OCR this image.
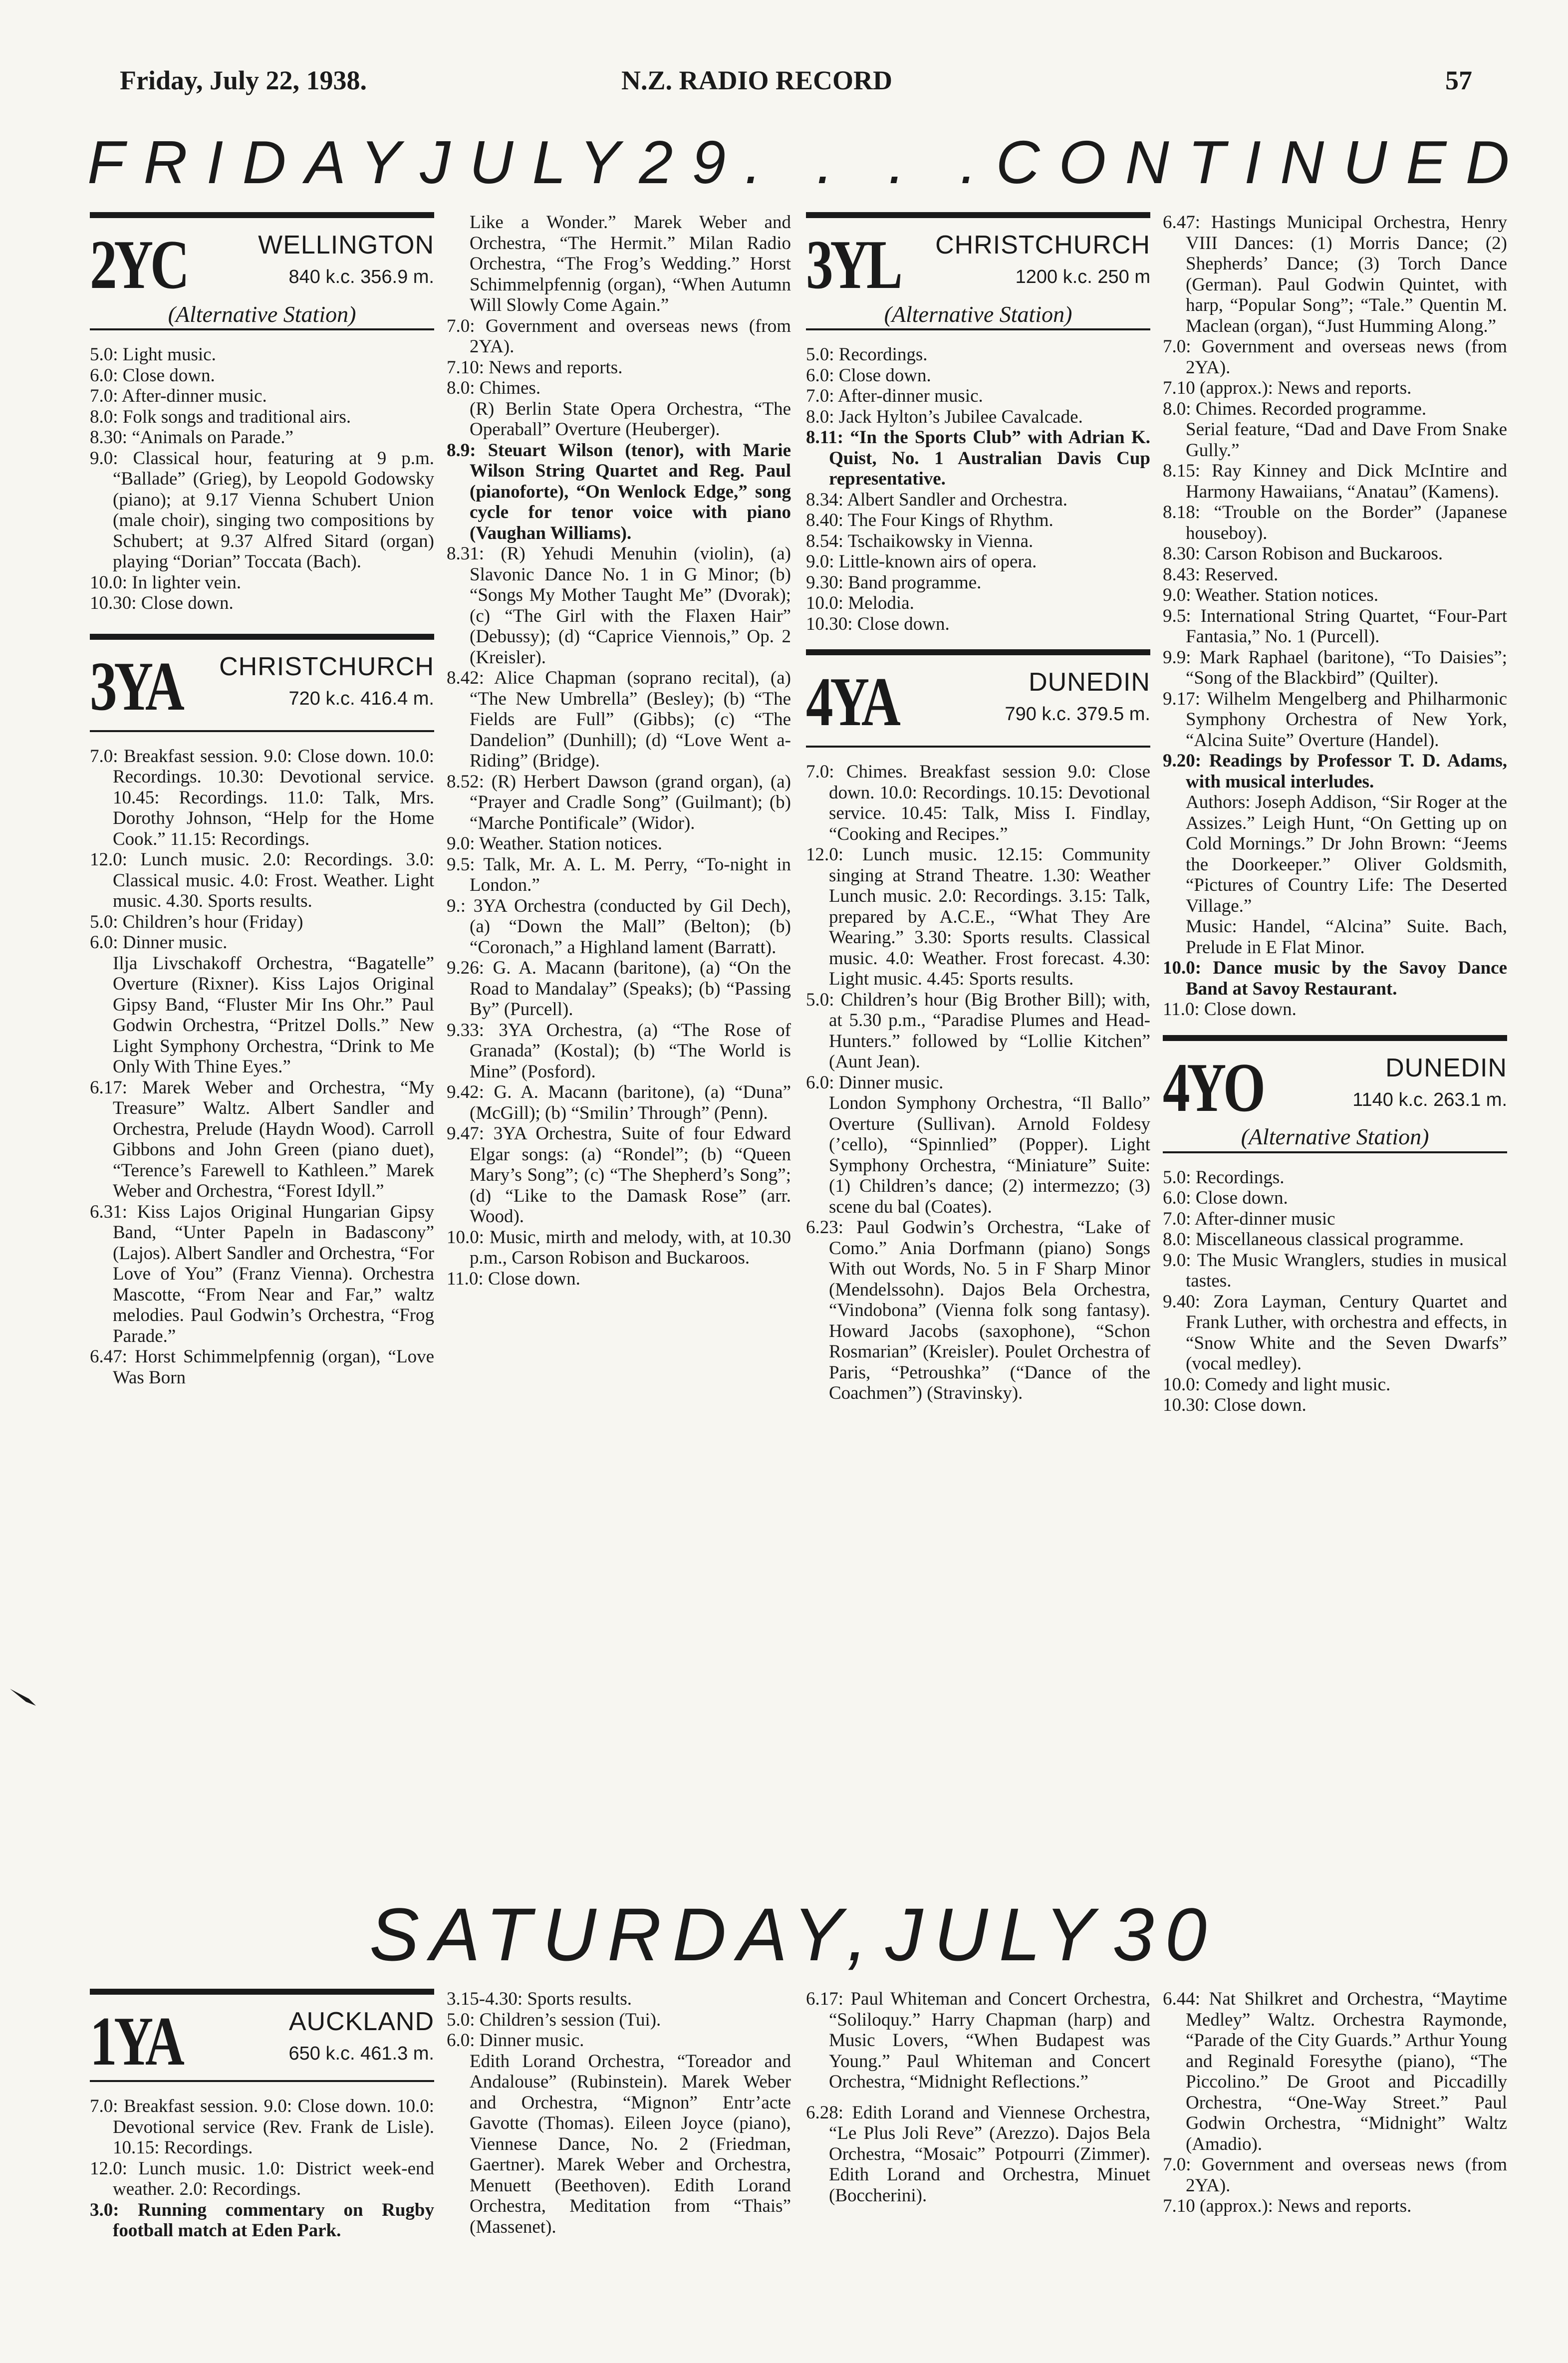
Friday, July 22, 1938.	N.Z. RADIO RECORD	57
FRIDAY JULY 29 . . . . CONTINUED
2YC	WELLINGTON
840 k.c. 356.9 m.
(Alternative Station)

5.0: Light music.

6.0: Close down.

7.0: After-dinner music.

8.0: Folk songs and traditional airs.

8.30: “Animals on Parade.”

9.0: Classical hour, featuring at 9 p.m. “Ballade” (Grieg), by Leopold Godowsky (piano); at 9.17 Vienna Schubert Union (male choir), singing two compositions by Schubert; at 9.37 Alfred Sitard (organ) playing “Dorian” Toccata (Bach).

10.0: In lighter vein.

10.30: Close down.

3YA CHRISTCHURCH
720 k.c. 416.4 m.

7.0: Breakfast session. 9.0: Close down. 10.0: Recordings. 10.30: Devotional service. 10.45: Recordings. 11.0: Talk, Mrs. Dorothy Johnson, “Help for the Home Cook.” 11.15: Recordings.

12.0: Lunch music. 2.0: Recordings. 3.0: Classical music. 4.0: Frost. Weather. Light music. 4.30. Sports results.

5.0: Children’s hour (Friday)

6.0: Dinner music.

Ilja Livschakoff Orchestra, “Bagatelle” Overture (Rixner). Kiss Lajos Original Gipsy Band, “Fluster Mir Ins Ohr.” Paul Godwin Orchestra, “Pritzel Dolls.” New Light Symphony Orchestra, “Drink to Me Only With Thine Eyes.”

6.17: Marek Weber and Orchestra, “My Treasure” Waltz. Albert Sandler and Orchestra, Prelude (Haydn Wood). Carroll Gibbons and John Green (piano duet), “Terence’s Farewell to Kathleen.” Marek Weber and Orchestra, “Forest Idyll.”

6.31: Kiss Lajos Original Hungarian Gipsy Band, “Unter Papeln in Badascony” (Lajos). Albert Sandler and Orchestra, “For Love of You” (Franz Vienna). Orchestra Mascotte, “From Near and Far,” waltz melodies. Paul Godwin’s Orchestra, “Frog Parade.”

6.47: Horst Schimmelpfennig (organ), “Love Was Born

Like a Wonder.” Marek Weber and Orchestra, “The Hermit.” Milan Radio Orchestra, “The Frog’s Wedding.” Horst Schimmelpfennig (organ), “When Autumn Will Slowly Come Again.”

7.0: Government and overseas news (from 2YA).

7.10: News and reports.

8.0: Chimes.

(R) Berlin State Opera Orchestra, “The Operaball” Overture (Heuberger).

8.9: Steuart Wilson (tenor), with Marie Wilson String Quartet and Reg. Paul (pianoforte), “On Wenlock Edge,” song cycle for tenor voice with piano (Vaughan Williams).

8.31: (R) Yehudi Menuhin (violin), (a) Slavonic Dance No. 1 in G Minor; (b) “Songs My Mother Taught Me” (Dvorak); (c) “The Girl with the Flaxen Hair” (Debussy); (d) “Caprice Viennois,” Op. 2 (Kreisler).

8.42: Alice Chapman (soprano recital), (a) “The New Umbrella” (Besley); (b) “The Fields are Full” (Gibbs); (c) “The Dandelion” (Dunhill); (d) “Love Went a-Riding” (Bridge).

8.52: (R) Herbert Dawson (grand organ), (a) “Prayer and Cradle Song” (Guilmant); (b) “Marche Pontificale” (Widor).

9.0: Weather. Station notices.

9.5: Talk, Mr. A. L. M. Perry, “To-night in London.”

9.: 3YA Orchestra (conducted by Gil Dech), (a) “Down the Mall” (Belton); (b) “Coronach,” a Highland lament (Barratt).

9.26: G. A. Macann (baritone), (a) “On the Road to Mandalay” (Speaks); (b) “Passing By” (Purcell).

9.33: 3YA Orchestra, (a) “The Rose of Granada” (Kostal); (b) “The World is Mine” (Posford).

9.42: G. A. Macann (baritone), (a) “Duna” (McGill); (b) “Smilin’ Through” (Penn).

9.47: 3YA Orchestra, Suite of four Edward Elgar songs: (a) “Rondel”; (b) “Queen Mary’s Song”; (c) “The Shepherd’s Song”; (d) “Like to the Damask Rose” (arr. Wood).

10.0: Music, mirth and melody, with, at 10.30 p.m., Carson Robison and Buckaroos.

11.0: Close down.

3YL CHRISTCHURCH
1200 k.c. 250 m
(Alternative Station)

5.0: Recordings.

6.0: Close down.

7.0: After-dinner music.

8.0: Jack Hylton’s Jubilee Cavalcade.

8.11: “In the Sports Club” with Adrian K. Quist, No. 1 Australian Davis Cup representative.

8.34: Albert Sandler and Orchestra.

8.40: The Four Kings of Rhythm.

8.54: Tschaikowsky in Vienna.

9.0: Little-known airs of opera.

9.30: Band programme.

10.0: Melodia.

10.30: Close down.

4YA	DUNEDIN
790 k.c. 379.5 m.

7.0: Chimes. Breakfast session 9.0: Close down. 10.0: Recordings. 10.15: Devotional service. 10.45: Talk, Miss I. Findlay, “Cooking and Recipes.”

12.0: Lunch music. 12.15: Community singing at Strand Theatre. 1.30: Weather Lunch music. 2.0: Recordings. 3.15: Talk, prepared by A.C.E., “What They Are Wearing.” 3.30: Sports results. Classical music. 4.0: Weather. Frost forecast. 4.30: Light music. 4.45: Sports results.

5.0: Children’s hour (Big Brother Bill); with, at 5.30 p.m., “Paradise Plumes and Head-Hunters.” followed by “Lollie Kitchen” (Aunt Jean).

6.0: Dinner music.

London Symphony Orchestra, “Il Ballo” Overture (Sullivan). Arnold Foldesy (’cello), “Spinnlied” (Popper). Light Symphony Orchestra, “Miniature” Suite: (1) Children’s dance; (2) intermezzo; (3) scene du bal (Coates).

6.23: Paul Godwin’s Orchestra, “Lake of Como.” Ania Dorfmann (piano) Songs With out Words, No. 5 in F Sharp Minor (Mendelssohn). Dajos Bela Orchestra, “Vindobona” (Vienna folk song fantasy). Howard Jacobs (saxophone), “Schon Rosmarian” (Kreisler). Poulet Orchestra of Paris, “Petroushka” (“Dance of the Coachmen”) (Stravinsky).

6.47: Hastings Municipal Orchestra, Henry VIII Dances: (1) Morris Dance; (2) Shepherds’ Dance; (3) Torch Dance (German). Paul Godwin Quintet, with harp, “Popular Song”; “Tale.” Quentin M. Maclean (organ), “Just Humming Along.”

7.0: Government and overseas news (from 2YA).

7.10 (approx.): News and reports.

8.0: Chimes. Recorded programme.

Serial feature, “Dad and Dave From Snake Gully.”

8.15: Ray Kinney and Dick McIntire and Harmony Hawaiians, “Anatau” (Kamens).

8.18: “Trouble on the Border” (Japanese houseboy).

8.30: Carson Robison and Buckaroos.

8.43: Reserved.

9.0: Weather. Station notices.

9.5: International String Quartet, “Four-Part Fantasia,” No. 1 (Purcell).

9.9: Mark Raphael (baritone), “To Daisies”; “Song of the Blackbird” (Quilter).

9.17: Wilhelm Mengelberg and Philharmonic Symphony Orchestra of New York, “Alcina Suite” Overture (Handel).

9.20: Readings by Professor T. D. Adams, with musical interludes.

Authors: Joseph Addison, “Sir Roger at the Assizes.” Leigh Hunt, “On Getting up on Cold Mornings.” Dr John Brown: “Jeems the Doorkeeper.” Oliver Goldsmith, “Pictures of Country Life: The Deserted Village.”

Music: Handel, “Alcina” Suite. Bach, Prelude in E Flat Minor.

10.0: Dance music by the Savoy Dance Band at Savoy Restaurant.

11.0: Close down.

4YO	DUNEDIN
1140 k.c. 263.1 m.
(Alternative Station)

5.0: Recordings.

6.0: Close down.

7.0: After-dinner music

8.0: Miscellaneous classical programme.

9.0: The Music Wranglers, studies in musical tastes.

9.40: Zora Layman, Century Quartet and Frank Luther, with orchestra and effects, in “Snow White and the Seven Dwarfs” (vocal medley).

10.0: Comedy and light music.

10.30: Close down.

SATURDAY, JULY 30
1YA	AUCKLAND
650 k.c. 461.3 m.

7.0: Breakfast session. 9.0: Close down. 10.0: Devotional service (Rev. Frank de Lisle). 10.15: Recordings.

12.0: Lunch music. 1.0: District week-end weather. 2.0: Recordings.

3.0: Running commentary on Rugby football match at Eden Park.

3.15-4.30: Sports results.

5.0: Children’s session (Tui).

6.0: Dinner music.

Edith Lorand Orchestra, “Toreador and Andalouse” (Rubinstein). Marek Weber and Orchestra, “Mignon” Entr’acte Gavotte (Thomas). Eileen Joyce (piano), Viennese Dance, No. 2 (Friedman, Gaertner). Marek Weber and Orchestra, Menuett (Beethoven). Edith Lorand Orchestra, Meditation from “Thais” (Massenet).

6.17: Paul Whiteman and Concert Orchestra, “Soliloquy.” Harry Chapman (harp) and Music Lovers, “When Budapest was Young.” Paul Whiteman and Concert Orchestra, “Midnight Reflections.”

6.28: Edith Lorand and Viennese Orchestra, “Le Plus Joli Reve” (Arezzo). Dajos Bela Orchestra, “Mosaic” Potpourri (Zimmer). Edith Lorand and Orchestra, Minuet (Boccherini).

6.44: Nat Shilkret and Orchestra, “Maytime Medley” Waltz. Orchestra Raymonde, “Parade of the City Guards.” Arthur Young and Reginald Foresythe (piano), “The Piccolino.” De Groot and Piccadilly Orchestra, “One-Way Street.” Paul Godwin Orchestra, “Midnight” Waltz (Amadio).

7.0: Government and overseas news (from 2YA).

7.10 (approx.): News and reports.
